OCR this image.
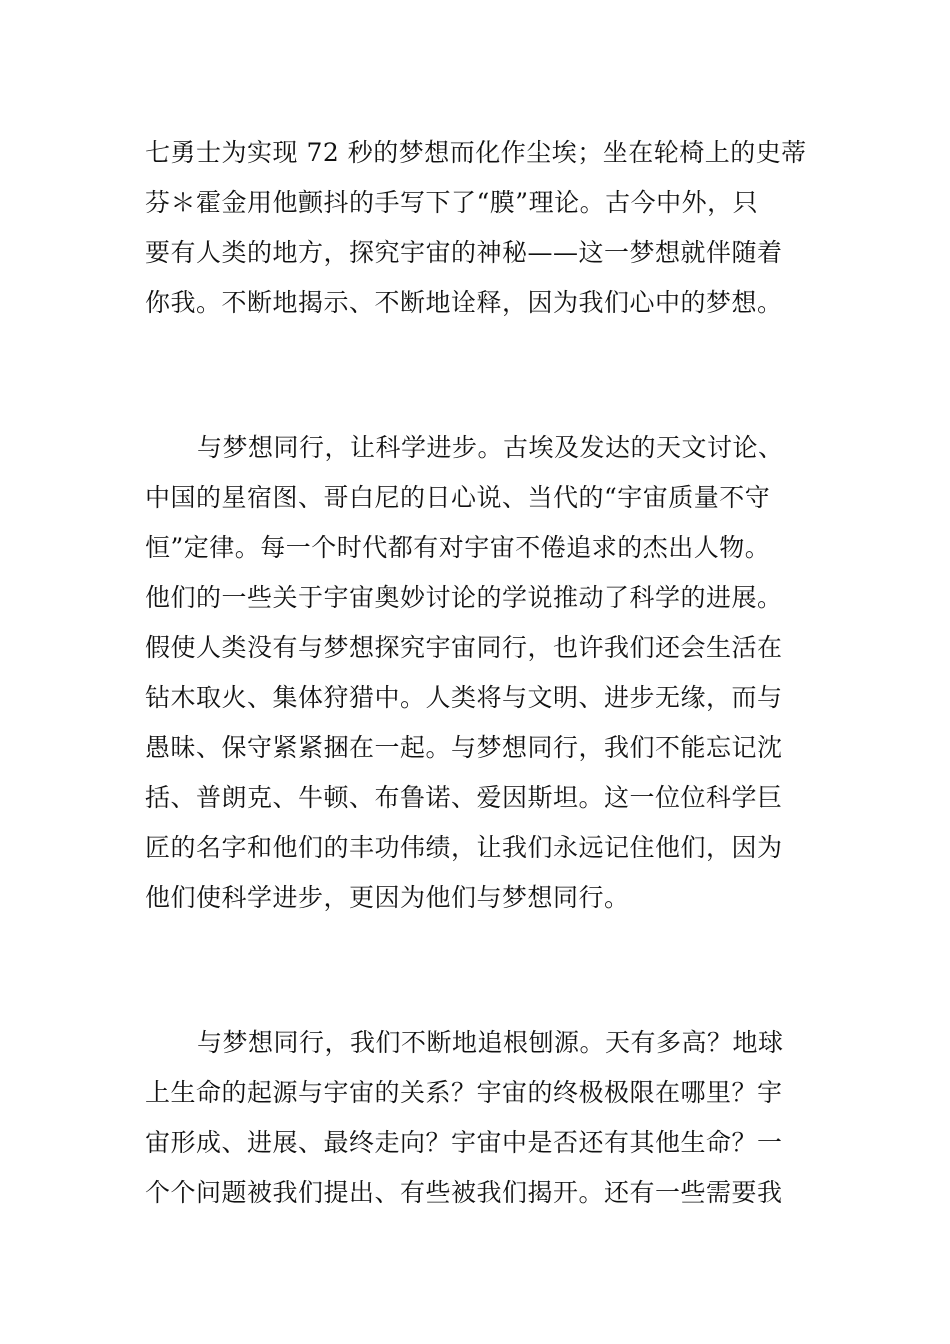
七勇士为实现 72 秒的梦想而化作尘埃；坐在轮椅上的史蒂
芬＊霍金用他颤抖的手写下了“膜”理论。古今中外，只
要有人类的地方，探究宇宙的神秘——这一梦想就伴随着
你我。不断地揭示、不断地诠释，因为我们心中的梦想。
与梦想同行，让科学进步。古埃及发达的天文讨论、
中国的星宿图、哥白尼的日心说、当代的“宇宙质量不守
恒”定律。每一个时代都有对宇宙不倦追求的杰出人物。
他们的一些关于宇宙奥妙讨论的学说推动了科学的进展。
假使人类没有与梦想探究宇宙同行，也许我们还会生活在
钻木取火、集体狩猎中。人类将与文明、进步无缘，而与
愚昧、保守紧紧捆在一起。与梦想同行，我们不能忘记沈
括、普朗克、牛顿、布鲁诺、爱因斯坦。这一位位科学巨
匠的名字和他们的丰功伟绩，让我们永远记住他们，因为
他们使科学进步，更因为他们与梦想同行。
与梦想同行，我们不断地追根刨源。天有多高？地球
上生命的起源与宇宙的关系？宇宙的终极极限在哪里？宇
宙形成、进展、最终走向？宇宙中是否还有其他生命？一
个个问题被我们提出、有些被我们揭开。还有一些需要我
